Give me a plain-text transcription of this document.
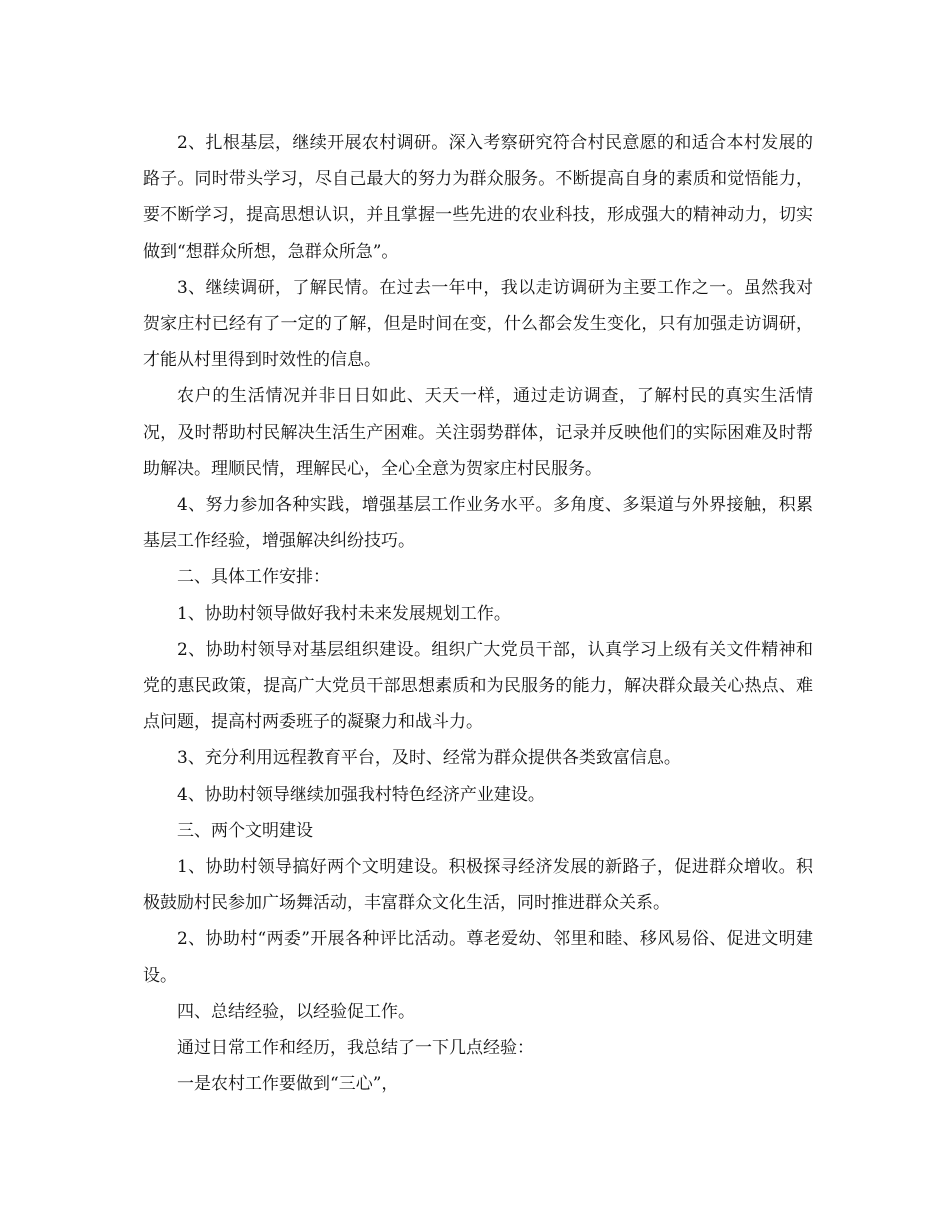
2、扎根基层，继续开展农村调研。深入考察研究符合村民意愿的和适合本村发展的路子。同时带头学习，尽自己最大的努力为群众服务。不断提高自身的素质和觉悟能力，要不断学习，提高思想认识，并且掌握一些先进的农业科技，形成强大的精神动力，切实做到“想群众所想，急群众所急”。

3、继续调研，了解民情。在过去一年中，我以走访调研为主要工作之一。虽然我对贺家庄村已经有了一定的了解，但是时间在变，什么都会发生变化，只有加强走访调研，才能从村里得到时效性的信息。

农户的生活情况并非日日如此、天天一样，通过走访调查，了解村民的真实生活情况，及时帮助村民解决生活生产困难。关注弱势群体，记录并反映他们的实际困难及时帮助解决。理顺民情，理解民心，全心全意为贺家庄村民服务。

4、努力参加各种实践，增强基层工作业务水平。多角度、多渠道与外界接触，积累基层工作经验，增强解决纠纷技巧。

二、具体工作安排：

1、协助村领导做好我村未来发展规划工作。

2、协助村领导对基层组织建设。组织广大党员干部，认真学习上级有关文件精神和党的惠民政策，提高广大党员干部思想素质和为民服务的能力，解决群众最关心热点、难点问题，提高村两委班子的凝聚力和战斗力。

3、充分利用远程教育平台，及时、经常为群众提供各类致富信息。

4、协助村领导继续加强我村特色经济产业建设。

三、两个文明建设

1、协助村领导搞好两个文明建设。积极探寻经济发展的新路子，促进群众增收。积极鼓励村民参加广场舞活动，丰富群众文化生活，同时推进群众关系。

2、协助村“两委”开展各种评比活动。尊老爱幼、邻里和睦、移风易俗、促进文明建设。

四、总结经验，以经验促工作。

通过日常工作和经历，我总结了一下几点经验：

一是农村工作要做到“三心”，
